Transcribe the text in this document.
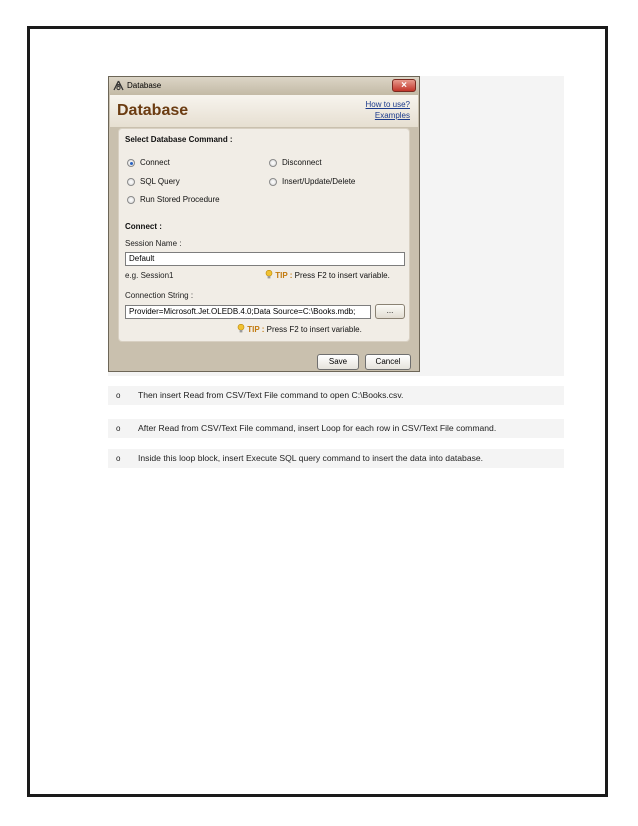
Database	×
Database	How to use?
Examples
Select Database Command :
Connect	Disconnect
SQL Query	Insert/Update/Delete
Run Stored Procedure
Connect :
Session Name :
Default
e.g. Session1	TIP : Press F2 to insert variable.
Connection String :
Provider=Microsoft.Jet.OLEDB.4.0;Data Source=C:\Books.mdb;	...
TIP : Press F2 to insert variable.
Save	Cancel
o Then insert Read from CSV/Text File command to open C:\Books.csv.
o After Read from CSV/Text File command, insert Loop for each row in CSV/Text File command.
o Inside this loop block, insert Execute SQL query command to insert the data into database.
